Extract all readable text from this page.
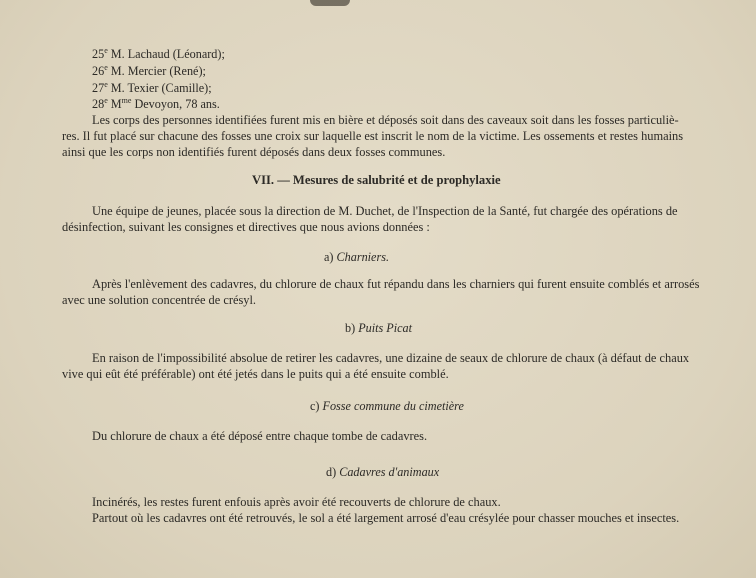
25e M. Lachaud (Léonard);
26e M. Mercier (René);
27e M. Texier (Camille);
28e $M^{me}$ Devoyon, 78 ans.
Les corps des personnes identifiées furent mis en bière et déposés soit dans des caveaux soit dans les fosses particuliè-
res. Il fut placé sur chacune des fosses une croix sur laquelle est inscrit le nom de la victime. Les ossements et restes humains
ainsi que les corps non identifiés furent déposés dans deux fosses communes.
VII. — Mesures de salubrité et de prophylaxie
Une équipe de jeunes, placée sous la direction de M. Duchet, de l'Inspection de la Santé, fut chargée des opérations de
désinfection, suivant les consignes et directives que nous avions données :
a) Charniers.
Après l'enlèvement des cadavres, du chlorure de chaux fut répandu dans les charniers qui furent ensuite comblés et arrosés
avec une solution concentrée de crésyl.
b) Puits Picat
En raison de l'impossibilité absolue de retirer les cadavres, une dizaine de seaux de chlorure de chaux (à défaut de chaux
vive qui eût été préférable) ont été jetés dans le puits qui a été ensuite comblé.
c) Fosse commune du cimetière
Du chlorure de chaux a été déposé entre chaque tombe de cadavres.
d) Cadavres d'animaux
Incinérés, les restes furent enfouis après avoir été recouverts de chlorure de chaux.
Partout où les cadavres ont été retrouvés, le sol a été largement arrosé d'eau crésylée pour chasser mouches et insectes.
